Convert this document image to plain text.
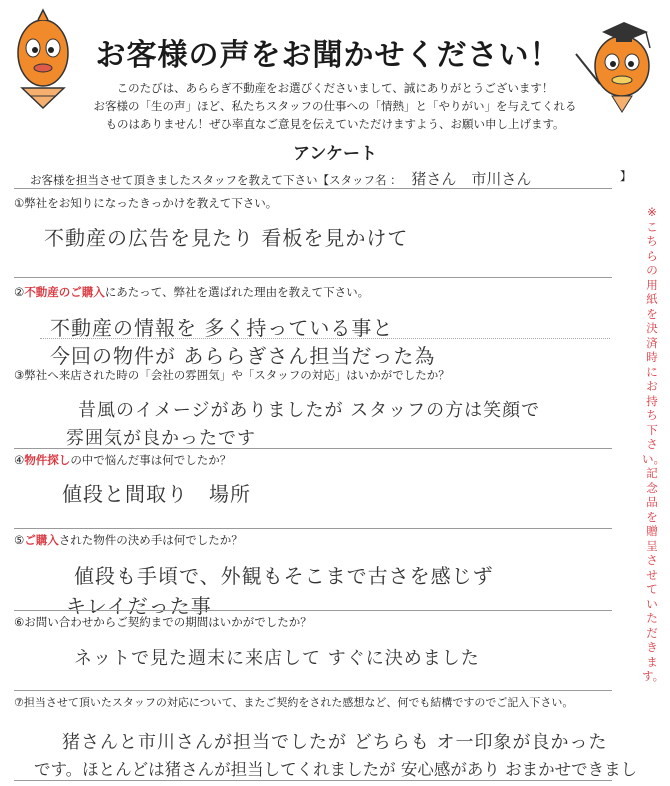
お客様の声をお聞かせください！
このたびは、あららぎ不動産をお選びくださいまして、誠にありがとうございます！
お客様の「生の声」ほど、私たちスタッフの仕事への「情熱」と「やりがい」を与えてくれる
ものはありません！ぜひ率直なご意見を伝えていただけますよう、お願い申し上げます。
アンケート
お客様を担当させて頂きましたスタッフを教えて下さい【スタッフ名 ： 猪さん　市川さん	】
※こちらの用紙を決済時にお持ち下さい。記念品を贈呈させていただきます。
①弊社をお知りになったきっかけを教えて下さい。
不動産の広告を見たり 看板を見かけて
②不動産のご購入にあたって、弊社を選ばれた理由を教えて下さい。
不動産の情報を 多く持っている事と
今回の物件が あららぎさん担当だった為
③弊社へ来店された時の「会社の雰囲気」や「スタッフの対応」はいかがでしたか？
昔風のイメージがありましたが スタッフの方は笑顔で
雰囲気が良かったです
④物件探しの中で悩んだ事は何でしたか？
値段と間取り　場所
⑤ご購入された物件の決め手は何でしたか？
値段も手頃で、外観もそこまで古さを感じず
キレイだった事
⑥お問い合わせからご契約までの期間はいかがでしたか？
ネットで見た週末に来店して すぐに決めました
⑦担当させて頂いたスタッフの対応について、またご契約をされた感想など、何でも結構ですのでご記入下さい。
猪さんと市川さんが担当でしたが どちらも オ一印象が良かった
です。ほとんどは猪さんが担当してくれましたが 安心感があり おまかせできまし
